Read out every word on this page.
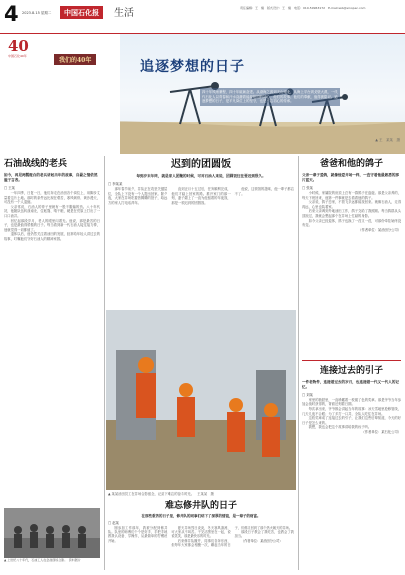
4 2023.8.15 星期二	中国石化报	生活	责任编辑：王　楠　版式设计：王　楠　电话：010-59963172　E-mail:ssb@sinopec.com
40
中国石化40年
我们的40年	追逐梦想的日子
四十年风雨兼程，四十年砥砺奋进。从渤海之滨到天山南北，从海上平台到戈壁大漠，一代代石化人以青春和汗水浇灌着能源报国的初心，他们的故事、他们的奉献，值得被铭记。追逐梦想的日子，是平凡岗位上的坚守，也是不忘初心的传承。
▲ 王　某某　摄
石油战线的老兵
如今，再见两鬓斑白的老兵讲起当年的故事，自豪之情依然溢于言表。
□ 王某

一年四季，日复一日，他们奔走在油田各个岗位上，用脚步丈量着这片土地。那时的条件远比现在艰苦，寒风刺骨、黄沙漫天，可没有一个人退缩。

父亲常说，石油人的骨子里就有一股不服输的劲。八十年代初，他随队伍转战南北，住帐篷、啃干粮，硬是在荒原上打出了一口口油井。

回忆起那段岁月，老人的眼里闪着光。他说，那是最苦的日子，也是最值得骄傲的日子。每当看到新一代石油人接过接力棒，他就觉得一切都值了。

退休以后，他仍然关注着油田的发展，经常给年轻人讲过去的故事，叮嘱他们守好石油人的精神家园。

▲ 上世纪八十年代，石油工人在会战现场合影。　资料图片
迟到的团圆饭
每到岁末年终，就是家人团聚的时候，可对石油人来说，团圆饭往往要迟到很久。
□ 李某某

那年春节前夕，井队正在攻坚关键层位，全队上下没有一个人提出回家。除夕夜，大家在井场吃着热腾腾的饺子，给远方的家人打电话拜年。

直到正月十五过后，任务顺利完成，他们才踏上回家的路。推开家门的那一刻，妻子端上了一直为他留着的年夜饭，那是一顿迟到的团圆饭。

他说，这顿饭的滋味，他一辈子都忘不了。

▲ 某某油田员工在井场合影留念，记录下难忘的奋斗时光。　王某某　摄
难忘修井队的日子
在那些艰苦的日子里，修井队的同事们结下了深厚的情谊，是一辈子的财富。
□ 赵某

刚参加工作那年，我被分配到修井队。队里的师傅们个个是好手，手把手地教我认设备、学操作，从最简单的拧螺丝开始。

夏天井场烈日炎炎，冬天寒风凛冽，可大家从不叫苦。干完活围坐在一起，说说笑笑，那是最快乐的时光。

后来修井队撤并，同事们各奔东西，但每年大家都会相聚一次，聊起当年的日子，仿佛又回到了那个热火朝天的井场。

那段日子教会了我吃苦，也教会了我担当。

（作者单位：某油田分公司）

爸爸和他的鸽子
父亲一辈子爱鸽，就像他爱井场一样，一直守着他最熟悉的那片蓝天。
□ 张某

小时候，家属院的房顶上总有一群鸽子在盘旋。那是父亲养的，每天下班回来，他第一件事就是去看看他的鸽子。

父亲说，鸽子恋家，不管飞多远都能找回来。就像石油人，走得再远，心里也装着家。

后来父亲调到外地油田工作，鸽子交给了我照顾。每当鸽群从头顶掠过，我就会想起那个在井场上忙碌的身影。

如今父亲已经退休，鸽子也换了一茬又一茬，可那份牵挂始终没有变。

（作者单位：某油田分公司）

连接过去的引子
一件老物件，连接着过去的岁月，也连接着一代又一代人的记忆。
□ 刘某

家里的抽屉里，一直珍藏着一枚褪了色的奖章。那是爷爷当年参加会战时获得的，背面还刻着日期。

每次拿出来，爷爷都会讲起当年的故事：冰天雪地里抢修管线，几天几夜不合眼；为了多打一口井，全队人吃住在井场。

这枚奖章成了连接过去的引子，让我们这些后辈知道，今天的好日子是怎么来的。

我想，我也会把这个故事讲给我的孩子听。

（作者单位：某石化公司）
